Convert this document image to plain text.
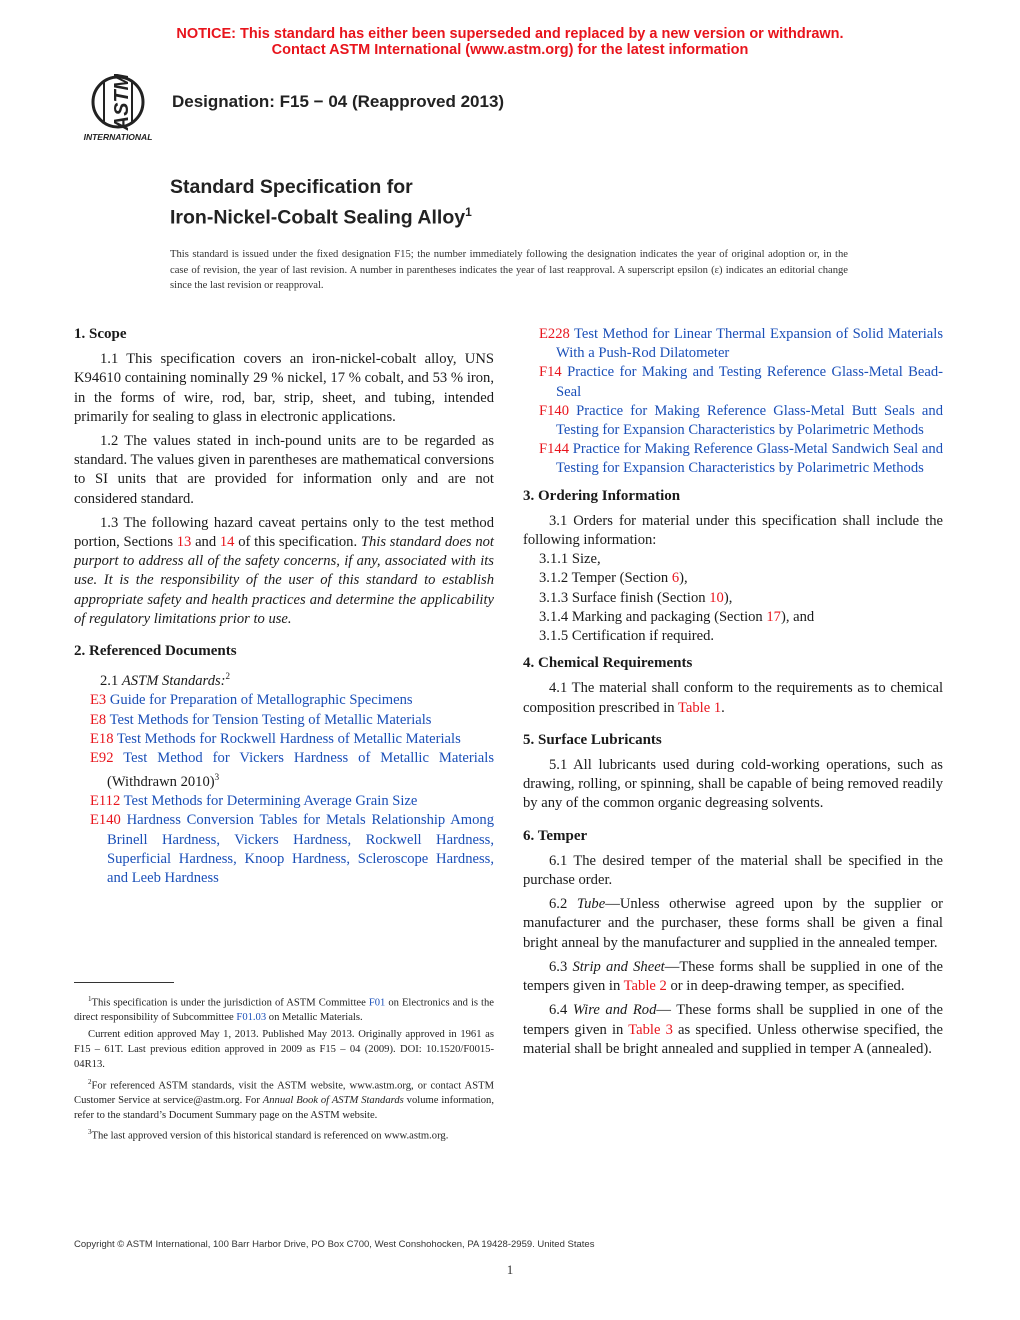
NOTICE: This standard has either been superseded and replaced by a new version or withdrawn.
Contact ASTM International (www.astm.org) for the latest information
ASTM
INTERNATIONAL
Designation: F15 − 04 (Reapproved 2013)
Standard Specification for
Iron-Nickel-Cobalt Sealing Alloy$^1$
This standard is issued under the fixed designation F15; the number immediately following the designation indicates the year of original adoption or, in the case of revision, the year of last revision. A number in parentheses indicates the year of last reapproval. A superscript epsilon (ε) indicates an editorial change since the last revision or reapproval.
1. Scope

1.1 This specification covers an iron-nickel-cobalt alloy, UNS K94610 containing nominally 29 % nickel, 17 % cobalt, and 53 % iron, in the forms of wire, rod, bar, strip, sheet, and tubing, intended primarily for sealing to glass in electronic applications.

1.2 The values stated in inch-pound units are to be regarded as standard. The values given in parentheses are mathematical conversions to SI units that are provided for information only and are not considered standard.

1.3 The following hazard caveat pertains only to the test method portion, Sections 13 and 14 of this specification. This standard does not purport to address all of the safety concerns, if any, associated with its use. It is the responsibility of the user of this standard to establish appropriate safety and health practices and determine the applicability of regulatory limitations prior to use.

2. Referenced Documents

2.1 ASTM Standards:$^2$

E3 Guide for Preparation of Metallographic Specimens
E8 Test Methods for Tension Testing of Metallic Materials
E18 Test Methods for Rockwell Hardness of Metallic Materials
E92 Test Method for Vickers Hardness of Metallic Materials (Withdrawn 2010)$^3$
E112 Test Methods for Determining Average Grain Size
E140 Hardness Conversion Tables for Metals Relationship Among Brinell Hardness, Vickers Hardness, Rockwell Hardness, Superficial Hardness, Knoop Hardness, Scleroscope Hardness, and Leeb Hardness

$^1$This specification is under the jurisdiction of ASTM Committee F01 on Electronics and is the direct responsibility of Subcommittee F01.03 on Metallic Materials.

Current edition approved May 1, 2013. Published May 2013. Originally approved in 1961 as F15 – 61T. Last previous edition approved in 2009 as F15 – 04 (2009). DOI: 10.1520/F0015-04R13.

$^2$For referenced ASTM standards, visit the ASTM website, www.astm.org, or contact ASTM Customer Service at service@astm.org. For Annual Book of ASTM Standards volume information, refer to the standard’s Document Summary page on the ASTM website.

$^3$The last approved version of this historical standard is referenced on www.astm.org.

E228 Test Method for Linear Thermal Expansion of Solid Materials With a Push-Rod Dilatometer
F14 Practice for Making and Testing Reference Glass-Metal Bead-Seal
F140 Practice for Making Reference Glass-Metal Butt Seals and Testing for Expansion Characteristics by Polarimetric Methods
F144 Practice for Making Reference Glass-Metal Sandwich Seal and Testing for Expansion Characteristics by Polarimetric Methods
3. Ordering Information

3.1 Orders for material under this specification shall include the following information:

3.1.1 Size,
3.1.2 Temper (Section 6),
3.1.3 Surface finish (Section 10),
3.1.4 Marking and packaging (Section 17), and
3.1.5 Certification if required.
4. Chemical Requirements

4.1 The material shall conform to the requirements as to chemical composition prescribed in Table 1.

5. Surface Lubricants

5.1 All lubricants used during cold-working operations, such as drawing, rolling, or spinning, shall be capable of being removed readily by any of the common organic degreasing solvents.

6. Temper

6.1 The desired temper of the material shall be specified in the purchase order.

6.2 Tube—Unless otherwise agreed upon by the supplier or manufacturer and the purchaser, these forms shall be given a final bright anneal by the manufacturer and supplied in the annealed temper.

6.3 Strip and Sheet—These forms shall be supplied in one of the tempers given in Table 2 or in deep-drawing temper, as specified.

6.4 Wire and Rod— These forms shall be supplied in one of the tempers given in Table 3 as specified. Unless otherwise specified, the material shall be bright annealed and supplied in temper A (annealed).

Copyright © ASTM International, 100 Barr Harbor Drive, PO Box C700, West Conshohocken, PA 19428-2959. United States
1
